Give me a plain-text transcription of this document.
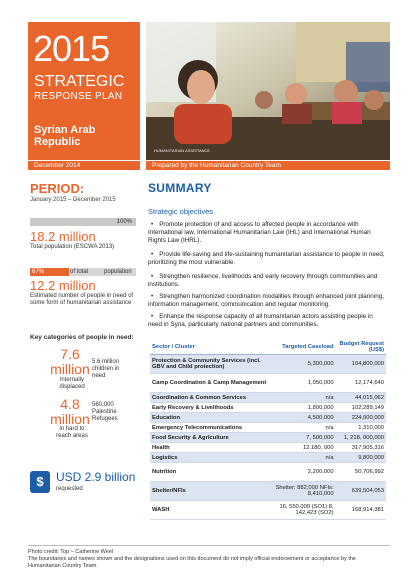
HUMANITARIAN ASSISTANCE
2015
STRATEGIC
RESPONSE PLAN
Syrian Arab Republic
December 2014	Prepared by the Humanitarian Country Team
PERIOD:
January 2015 – December 2015
100%
18.2 million
Total population (ESCWA 2013)
67%	of total	population
12.2 million
Estimated number of people in need of some form of humanitarian assistance
Key categories of people in need:
7.6 million
internally displaced
5.6 million children in need
4.8 million
in hard to reach areas
560,000 Palestine Refugees
$	USD 2.9 billion
requested
SUMMARY
Strategic objectives
• Promote protection of and access to affected people in accordance with International law, International Humanitarian Law (IHL) and International Human Rights Law (IHRL).
• Provide life-saving and life-sustaining humanitarian assistance to people in need, prioritizing the most vulnerable.
• Strengthen resilience, livelihoods and early recovery through communities and institutions.
• Strengthen harmonized coordination modalities through enhanced joint planning, information management, communication and regular monitoring.
• Enhance the response capacity of all humanitarian actors assisting people in need in Syria, particularly national partners and communities.
Sector / Cluster	Targeted Caseload	Budget Request (US$)
Protection & Community Services (incl. GBV and Child protection)	5,300,000	104,800,000
Camp Coordination & Camp Management	1,050,000	12,174,640
Coordination & Common Services	n/a	44,015,062
Early Recovery & Livelihoods	1,800,000	102,289,149
Education	4,500,000	224,000,000
Emergency Telecommunications	n/a	1,310,000
Food Security & Agriculture	7, 500,000	1, 218, 000,000
Health	12,180, 000	317,905,316
Logistics	n/a	9,800,000
Nutrition	2,200,000	50,706,992
Shelter/NFIs	Shelter: 882,000 NFIs: 8,410,000	639,504,053
WASH	16, 550,000 (SO1) 8, 142,423 (SO2)	168,914,381
Photo credit: Top – Catherine Weel
The boundaries and names shown and the designations used on this document do not imply official endorsement or acceptance by the Humanitarian Country Team.
